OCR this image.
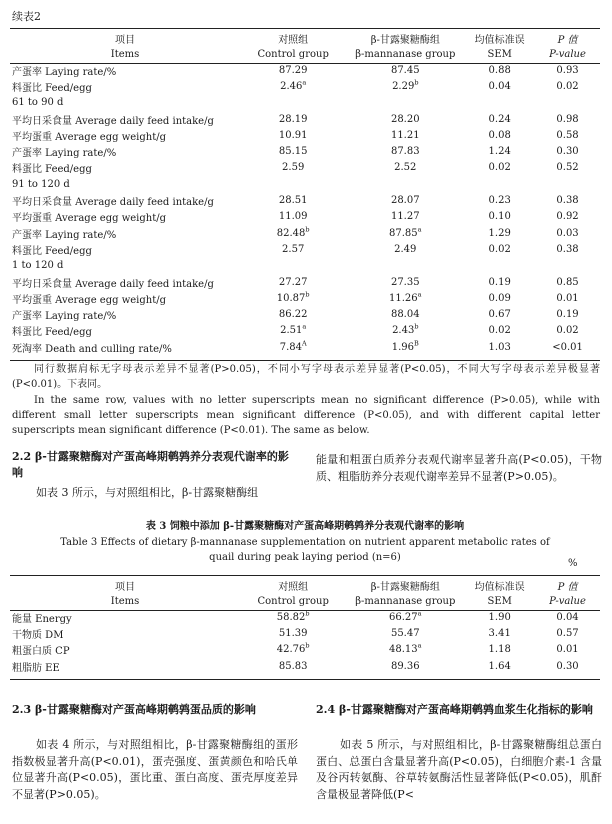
续表2
项目	对照组	β-甘露聚糖酶组	均值标准误	P 值
Items	Control group	β-mannanase group	SEM	P-value
产蛋率 Laying rate/%	87.29	87.45	0.88	0.93
料蛋比 Feed/egg	2.46$^a$	2.29$^b$	0.04	0.02
61 to 90 d				
平均日采食量 Average daily feed intake/g	28.19	28.20	0.24	0.98
平均蛋重 Average egg weight/g	10.91	11.21	0.08	0.58
产蛋率 Laying rate/%	85.15	87.83	1.24	0.30
料蛋比 Feed/egg	2.59	2.52	0.02	0.52
91 to 120 d				
平均日采食量 Average daily feed intake/g	28.51	28.07	0.23	0.38
平均蛋重 Average egg weight/g	11.09	11.27	0.10	0.92
产蛋率 Laying rate/%	82.48$^b$	87.85$^a$	1.29	0.03
料蛋比 Feed/egg	2.57	2.49	0.02	0.38
1 to 120 d				
平均日采食量 Average daily feed intake/g	27.27	27.35	0.19	0.85
平均蛋重 Average egg weight/g	10.87$^b$	11.26$^a$	0.09	0.01
产蛋率 Laying rate/%	86.22	88.04	0.67	0.19
料蛋比 Feed/egg	2.51$^a$	2.43$^b$	0.02	0.02
死淘率 Death and culling rate/%	$7.84^A$	$1.96^B$	1.03	<0.01
同行数据肩标无字母表示差异不显著(P>0.05)，不同小写字母表示差异显著(P<0.05)，不同大写字母表示差异极显著(P<0.01)。下表同。
In the same row, values with no letter superscripts mean no significant difference (P>0.05), while with different small letter superscripts mean significant difference (P<0.05), and with different capital letter superscripts mean significant difference (P<0.01). The same as below.
2.2 β-甘露聚糖酶对产蛋高峰期鹌鹑养分表观代谢率的影响
如表 3 所示，与对照组相比，β-甘露聚糖酶组
能量和粗蛋白质养分表观代谢率显著升高(P<0.05)，干物质、粗脂肪养分表观代谢率差异不显著(P>0.05)。
表 3 饲粮中添加 β-甘露聚糖酶对产蛋高峰期鹌鹑养分表观代谢率的影响
Table 3 Effects of dietary β-mannanase supplementation on nutrient apparent metabolic rates of
quail during peak laying period (n=6)
%
项目	对照组	β-甘露聚糖酶组	均值标准误	P 值
Items	Control group	β-mannanase group	SEM	P-value
能量 Energy	58.82$^b$	66.27$^a$	1.90	0.04
干物质 DM	51.39	55.47	3.41	0.57
粗蛋白质 CP	42.76$^b$	48.13$^a$	1.18	0.01
粗脂肪 EE	85.83	89.36	1.64	0.30
2.3 β-甘露聚糖酶对产蛋高峰期鹌鹑蛋品质的影响
如表 4 所示，与对照组相比，β-甘露聚糖酶组的蛋形指数极显著升高(P<0.01)，蛋壳强度、蛋黄颜色和哈氏单位显著升高(P<0.05)，蛋比重、蛋白高度、蛋壳厚度差异不显著(P>0.05)。
2.4 β-甘露聚糖酶对产蛋高峰期鹌鹑血浆生化指标的影响
如表 5 所示，与对照组相比，β-甘露聚糖酶组总蛋白蛋白、总蛋白含量显著升高(P<0.05)，白细胞介素-1 含量及谷丙转氨酶、谷草转氨酶活性显著降低(P<0.05)，肌酐含量极显著降低(P<
